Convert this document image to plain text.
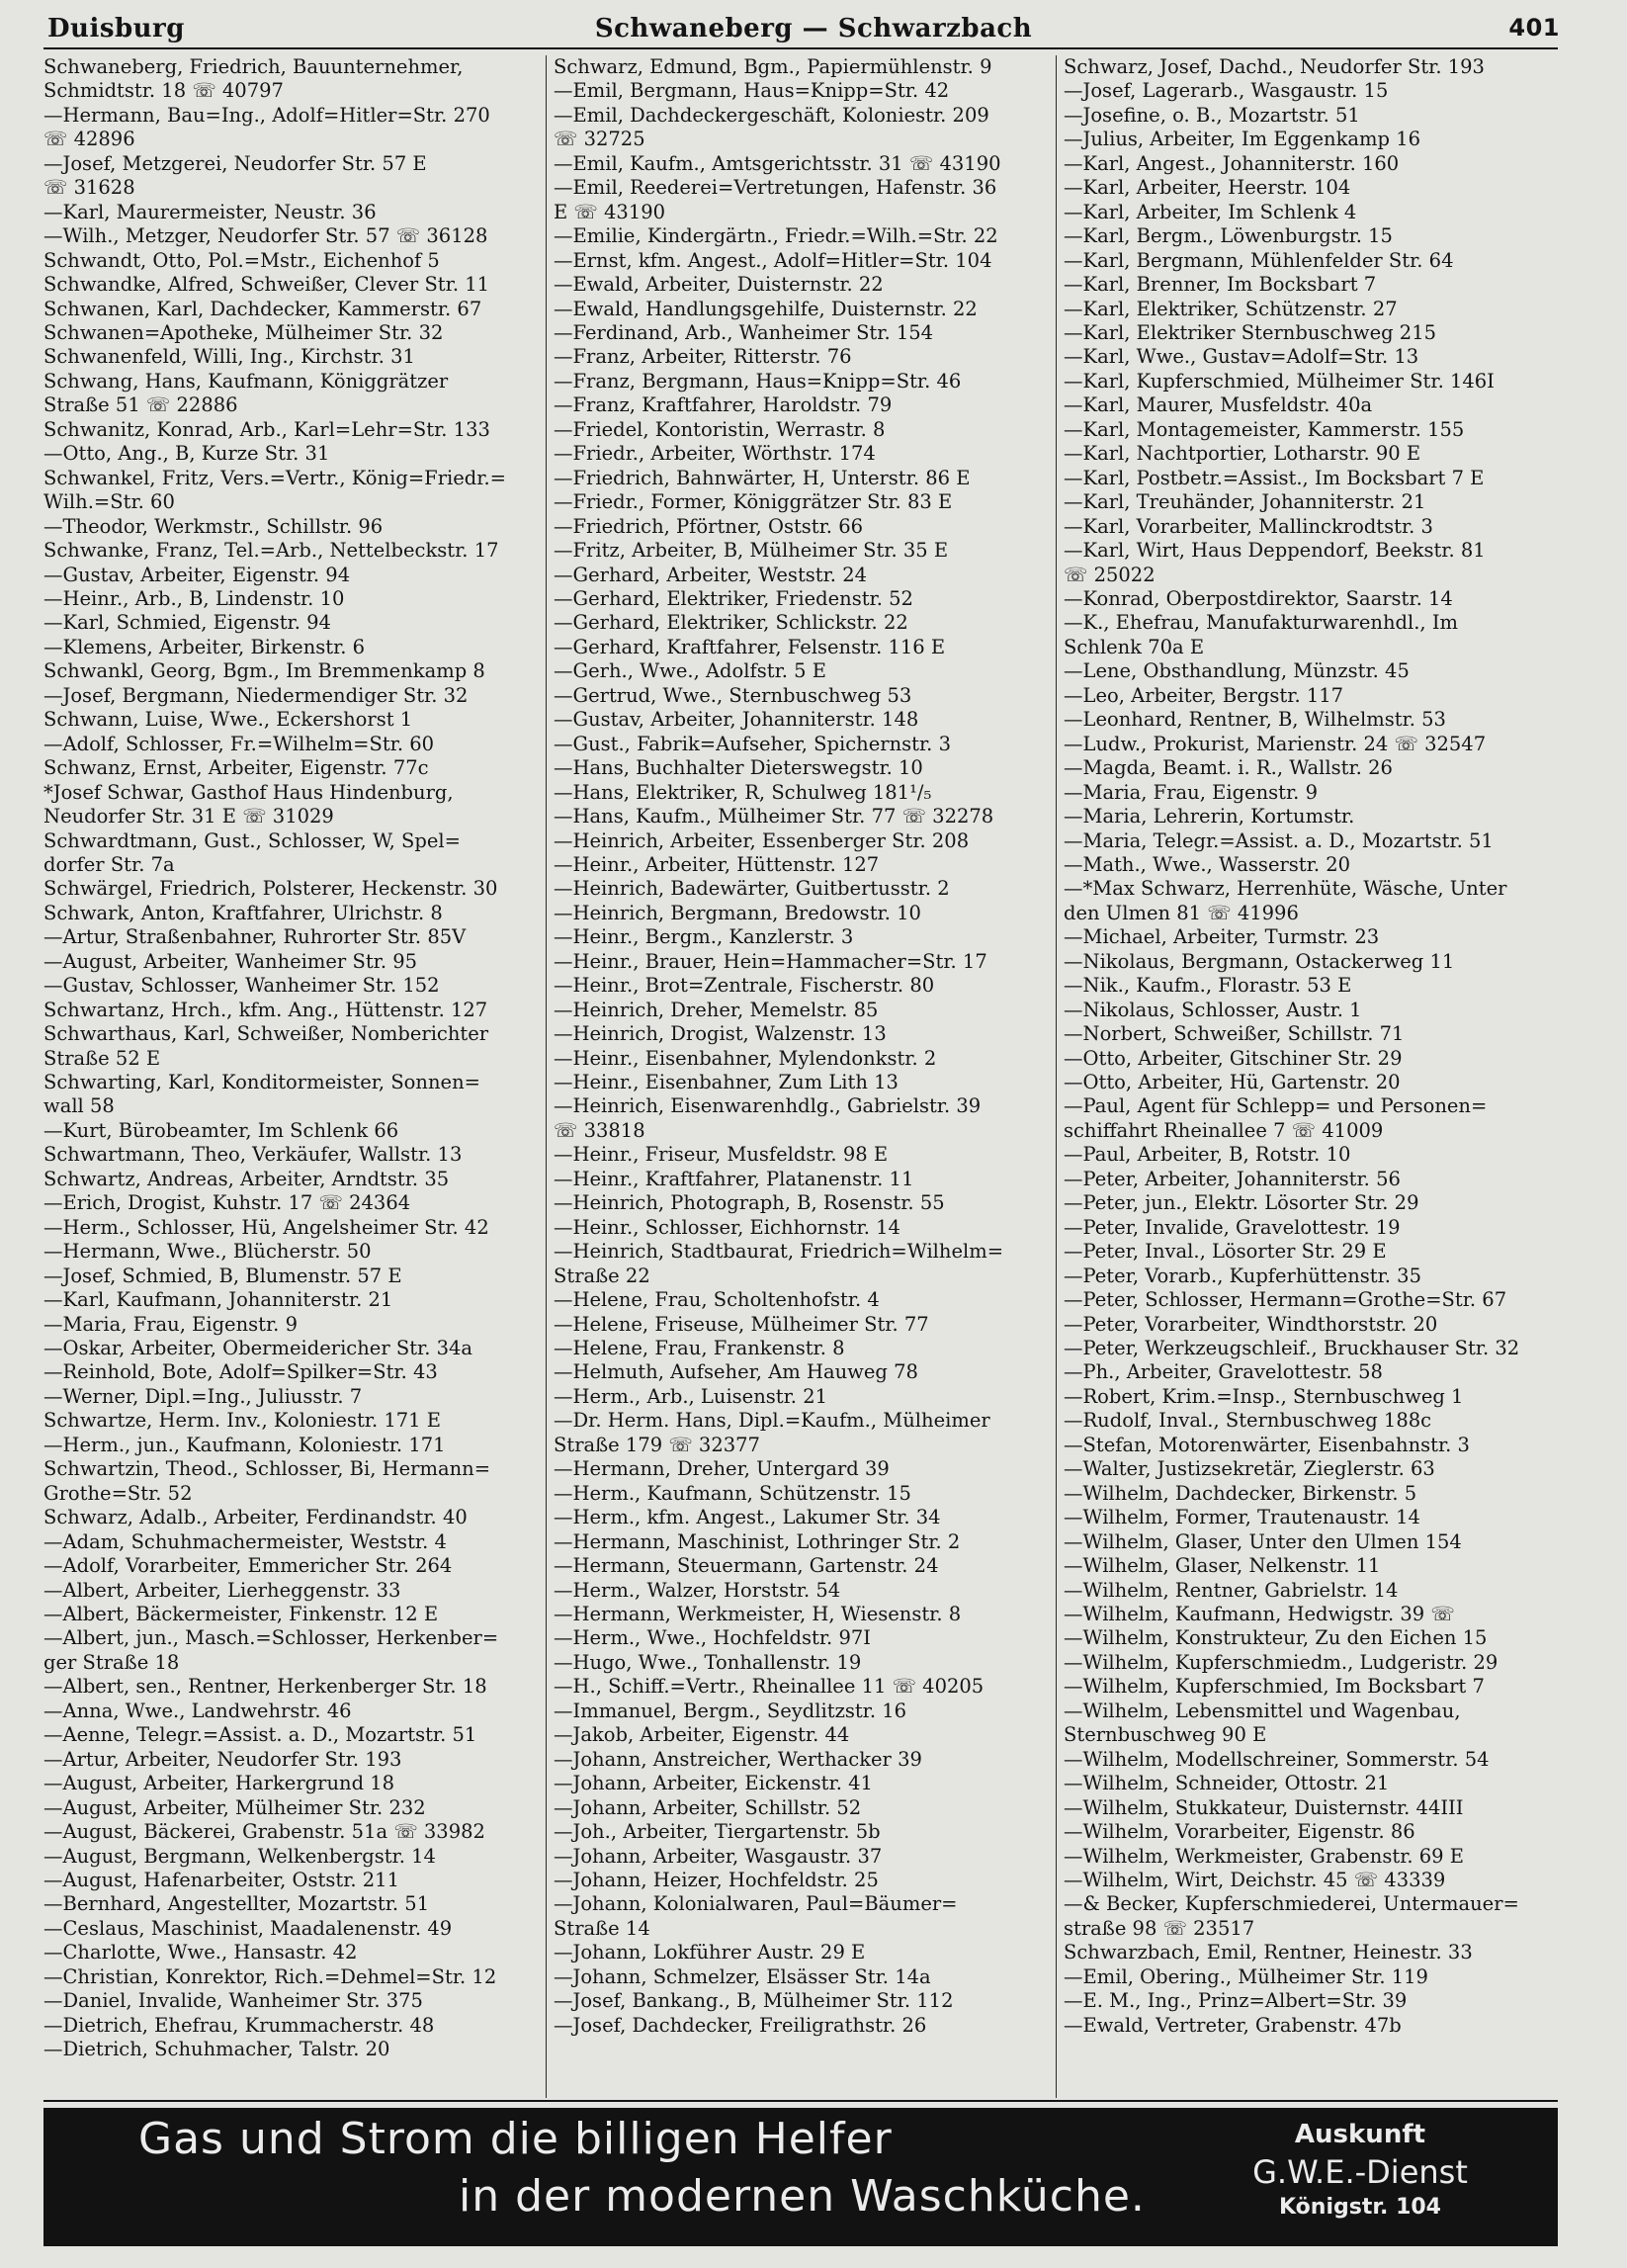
Duisburg	Schwaneberg — Schwarzbach	401
Schwaneberg, Friedrich, Bauunternehmer,
Schmidtstr. 18 ☏ 40797
—Hermann, Bau=Ing., Adolf=Hitler=Str. 270
☏ 42896
—Josef, Metzgerei, Neudorfer Str. 57 E
☏ 31628
—Karl, Maurermeister, Neustr. 36
—Wilh., Metzger, Neudorfer Str. 57 ☏ 36128
Schwandt, Otto, Pol.=Mstr., Eichenhof 5
Schwandke, Alfred, Schweißer, Clever Str. 11
Schwanen, Karl, Dachdecker, Kammerstr. 67
Schwanen=Apotheke, Mülheimer Str. 32
Schwanenfeld, Willi, Ing., Kirchstr. 31
Schwang, Hans, Kaufmann, Königgrätzer
Straße 51 ☏ 22886
Schwanitz, Konrad, Arb., Karl=Lehr=Str. 133
—Otto, Ang., B, Kurze Str. 31
Schwankel, Fritz, Vers.=Vertr., König=Friedr.=
Wilh.=Str. 60
—Theodor, Werkmstr., Schillstr. 96
Schwanke, Franz, Tel.=Arb., Nettelbeckstr. 17
—Gustav, Arbeiter, Eigenstr. 94
—Heinr., Arb., B, Lindenstr. 10
—Karl, Schmied, Eigenstr. 94
—Klemens, Arbeiter, Birkenstr. 6
Schwankl, Georg, Bgm., Im Bremmenkamp 8
—Josef, Bergmann, Niedermendiger Str. 32
Schwann, Luise, Wwe., Eckershorst 1
—Adolf, Schlosser, Fr.=Wilhelm=Str. 60
Schwanz, Ernst, Arbeiter, Eigenstr. 77c
*Josef Schwar, Gasthof Haus Hindenburg,
Neudorfer Str. 31 E ☏ 31029
Schwardtmann, Gust., Schlosser, W, Spel=
dorfer Str. 7a
Schwärgel, Friedrich, Polsterer, Heckenstr. 30
Schwark, Anton, Kraftfahrer, Ulrichstr. 8
—Artur, Straßenbahner, Ruhrorter Str. 85V
—August, Arbeiter, Wanheimer Str. 95
—Gustav, Schlosser, Wanheimer Str. 152
Schwartanz, Hrch., kfm. Ang., Hüttenstr. 127
Schwarthaus, Karl, Schweißer, Nomberichter
Straße 52 E
Schwarting, Karl, Konditormeister, Sonnen=
wall 58
—Kurt, Bürobeamter, Im Schlenk 66
Schwartmann, Theo, Verkäufer, Wallstr. 13
Schwartz, Andreas, Arbeiter, Arndtstr. 35
—Erich, Drogist, Kuhstr. 17 ☏ 24364
—Herm., Schlosser, Hü, Angelsheimer Str. 42
—Hermann, Wwe., Blücherstr. 50
—Josef, Schmied, B, Blumenstr. 57 E
—Karl, Kaufmann, Johanniterstr. 21
—Maria, Frau, Eigenstr. 9
—Oskar, Arbeiter, Obermeidericher Str. 34a
—Reinhold, Bote, Adolf=Spilker=Str. 43
—Werner, Dipl.=Ing., Juliusstr. 7
Schwartze, Herm. Inv., Koloniestr. 171 E
—Herm., jun., Kaufmann, Koloniestr. 171
Schwartzin, Theod., Schlosser, Bi, Hermann=
Grothe=Str. 52
Schwarz, Adalb., Arbeiter, Ferdinandstr. 40
—Adam, Schuhmachermeister, Weststr. 4
—Adolf, Vorarbeiter, Emmericher Str. 264
—Albert, Arbeiter, Lierheggenstr. 33
—Albert, Bäckermeister, Finkenstr. 12 E
—Albert, jun., Masch.=Schlosser, Herkenber=
ger Straße 18
—Albert, sen., Rentner, Herkenberger Str. 18
—Anna, Wwe., Landwehrstr. 46
—Aenne, Telegr.=Assist. a. D., Mozartstr. 51
—Artur, Arbeiter, Neudorfer Str. 193
—August, Arbeiter, Harkergrund 18
—August, Arbeiter, Mülheimer Str. 232
—August, Bäckerei, Grabenstr. 51a ☏ 33982
—August, Bergmann, Welkenbergstr. 14
—August, Hafenarbeiter, Oststr. 211
—Bernhard, Angestellter, Mozartstr. 51
—Ceslaus, Maschinist, Maadalenenstr. 49
—Charlotte, Wwe., Hansastr. 42
—Christian, Konrektor, Rich.=Dehmel=Str. 12
—Daniel, Invalide, Wanheimer Str. 375
—Dietrich, Ehefrau, Krummacherstr. 48
—Dietrich, Schuhmacher, Talstr. 20
Schwarz, Edmund, Bgm., Papiermühlenstr. 9
—Emil, Bergmann, Haus=Knipp=Str. 42
—Emil, Dachdeckergeschäft, Koloniestr. 209
☏ 32725
—Emil, Kaufm., Amtsgerichtsstr. 31 ☏ 43190
—Emil, Reederei=Vertretungen, Hafenstr. 36
E ☏ 43190
—Emilie, Kindergärtn., Friedr.=Wilh.=Str. 22
—Ernst, kfm. Angest., Adolf=Hitler=Str. 104
—Ewald, Arbeiter, Duisternstr. 22
—Ewald, Handlungsgehilfe, Duisternstr. 22
—Ferdinand, Arb., Wanheimer Str. 154
—Franz, Arbeiter, Ritterstr. 76
—Franz, Bergmann, Haus=Knipp=Str. 46
—Franz, Kraftfahrer, Haroldstr. 79
—Friedel, Kontoristin, Werrastr. 8
—Friedr., Arbeiter, Wörthstr. 174
—Friedrich, Bahnwärter, H, Unterstr. 86 E
—Friedr., Former, Königgrätzer Str. 83 E
—Friedrich, Pförtner, Oststr. 66
—Fritz, Arbeiter, B, Mülheimer Str. 35 E
—Gerhard, Arbeiter, Weststr. 24
—Gerhard, Elektriker, Friedenstr. 52
—Gerhard, Elektriker, Schlickstr. 22
—Gerhard, Kraftfahrer, Felsenstr. 116 E
—Gerh., Wwe., Adolfstr. 5 E
—Gertrud, Wwe., Sternbuschweg 53
—Gustav, Arbeiter, Johanniterstr. 148
—Gust., Fabrik=Aufseher, Spichernstr. 3
—Hans, Buchhalter Dieterswegstr. 10
—Hans, Elektriker, R, Schulweg 181¹/₅
—Hans, Kaufm., Mülheimer Str. 77 ☏ 32278
—Heinrich, Arbeiter, Essenberger Str. 208
—Heinr., Arbeiter, Hüttenstr. 127
—Heinrich, Badewärter, Guitbertusstr. 2
—Heinrich, Bergmann, Bredowstr. 10
—Heinr., Bergm., Kanzlerstr. 3
—Heinr., Brauer, Hein=Hammacher=Str. 17
—Heinr., Brot=Zentrale, Fischerstr. 80
—Heinrich, Dreher, Memelstr. 85
—Heinrich, Drogist, Walzenstr. 13
—Heinr., Eisenbahner, Mylendonkstr. 2
—Heinr., Eisenbahner, Zum Lith 13
—Heinrich, Eisenwarenhdlg., Gabrielstr. 39
☏ 33818
—Heinr., Friseur, Musfeldstr. 98 E
—Heinr., Kraftfahrer, Platanenstr. 11
—Heinrich, Photograph, B, Rosenstr. 55
—Heinr., Schlosser, Eichhornstr. 14
—Heinrich, Stadtbaurat, Friedrich=Wilhelm=
Straße 22
—Helene, Frau, Scholtenhofstr. 4
—Helene, Friseuse, Mülheimer Str. 77
—Helene, Frau, Frankenstr. 8
—Helmuth, Aufseher, Am Hauweg 78
—Herm., Arb., Luisenstr. 21
—Dr. Herm. Hans, Dipl.=Kaufm., Mülheimer
Straße 179 ☏ 32377
—Hermann, Dreher, Untergard 39
—Herm., Kaufmann, Schützenstr. 15
—Herm., kfm. Angest., Lakumer Str. 34
—Hermann, Maschinist, Lothringer Str. 2
—Hermann, Steuermann, Gartenstr. 24
—Herm., Walzer, Horststr. 54
—Hermann, Werkmeister, H, Wiesenstr. 8
—Herm., Wwe., Hochfeldstr. 97I
—Hugo, Wwe., Tonhallenstr. 19
—H., Schiff.=Vertr., Rheinallee 11 ☏ 40205
—Immanuel, Bergm., Seydlitzstr. 16
—Jakob, Arbeiter, Eigenstr. 44
—Johann, Anstreicher, Werthacker 39
—Johann, Arbeiter, Eickenstr. 41
—Johann, Arbeiter, Schillstr. 52
—Joh., Arbeiter, Tiergartenstr. 5b
—Johann, Arbeiter, Wasgaustr. 37
—Johann, Heizer, Hochfeldstr. 25
—Johann, Kolonialwaren, Paul=Bäumer=
Straße 14
—Johann, Lokführer Austr. 29 E
—Johann, Schmelzer, Elsässer Str. 14a
—Josef, Bankang., B, Mülheimer Str. 112
—Josef, Dachdecker, Freiligrathstr. 26
Schwarz, Josef, Dachd., Neudorfer Str. 193
—Josef, Lagerarb., Wasgaustr. 15
—Josefine, o. B., Mozartstr. 51
—Julius, Arbeiter, Im Eggenkamp 16
—Karl, Angest., Johanniterstr. 160
—Karl, Arbeiter, Heerstr. 104
—Karl, Arbeiter, Im Schlenk 4
—Karl, Bergm., Löwenburgstr. 15
—Karl, Bergmann, Mühlenfelder Str. 64
—Karl, Brenner, Im Bocksbart 7
—Karl, Elektriker, Schützenstr. 27
—Karl, Elektriker Sternbuschweg 215
—Karl, Wwe., Gustav=Adolf=Str. 13
—Karl, Kupferschmied, Mülheimer Str. 146I
—Karl, Maurer, Musfeldstr. 40a
—Karl, Montagemeister, Kammerstr. 155
—Karl, Nachtportier, Lotharstr. 90 E
—Karl, Postbetr.=Assist., Im Bocksbart 7 E
—Karl, Treuhänder, Johanniterstr. 21
—Karl, Vorarbeiter, Mallinckrodtstr. 3
—Karl, Wirt, Haus Deppendorf, Beekstr. 81
☏ 25022
—Konrad, Oberpostdirektor, Saarstr. 14
—K., Ehefrau, Manufakturwarenhdl., Im
Schlenk 70a E
—Lene, Obsthandlung, Münzstr. 45
—Leo, Arbeiter, Bergstr. 117
—Leonhard, Rentner, B, Wilhelmstr. 53
—Ludw., Prokurist, Marienstr. 24 ☏ 32547
—Magda, Beamt. i. R., Wallstr. 26
—Maria, Frau, Eigenstr. 9
—Maria, Lehrerin, Kortumstr.
—Maria, Telegr.=Assist. a. D., Mozartstr. 51
—Math., Wwe., Wasserstr. 20
—*Max Schwarz, Herrenhüte, Wäsche, Unter
den Ulmen 81 ☏ 41996
—Michael, Arbeiter, Turmstr. 23
—Nikolaus, Bergmann, Ostackerweg 11
—Nik., Kaufm., Florastr. 53 E
—Nikolaus, Schlosser, Austr. 1
—Norbert, Schweißer, Schillstr. 71
—Otto, Arbeiter, Gitschiner Str. 29
—Otto, Arbeiter, Hü, Gartenstr. 20
—Paul, Agent für Schlepp= und Personen=
schiffahrt Rheinallee 7 ☏ 41009
—Paul, Arbeiter, B, Rotstr. 10
—Peter, Arbeiter, Johanniterstr. 56
—Peter, jun., Elektr. Lösorter Str. 29
—Peter, Invalide, Gravelottestr. 19
—Peter, Inval., Lösorter Str. 29 E
—Peter, Vorarb., Kupferhüttenstr. 35
—Peter, Schlosser, Hermann=Grothe=Str. 67
—Peter, Vorarbeiter, Windthorststr. 20
—Peter, Werkzeugschleif., Bruckhauser Str. 32
—Ph., Arbeiter, Gravelottestr. 58
—Robert, Krim.=Insp., Sternbuschweg 1
—Rudolf, Inval., Sternbuschweg 188c
—Stefan, Motorenwärter, Eisenbahnstr. 3
—Walter, Justizsekretär, Zieglerstr. 63
—Wilhelm, Dachdecker, Birkenstr. 5
—Wilhelm, Former, Trautenaustr. 14
—Wilhelm, Glaser, Unter den Ulmen 154
—Wilhelm, Glaser, Nelkenstr. 11
—Wilhelm, Rentner, Gabrielstr. 14
—Wilhelm, Kaufmann, Hedwigstr. 39 ☏
—Wilhelm, Konstrukteur, Zu den Eichen 15
—Wilhelm, Kupferschmiedm., Ludgeristr. 29
—Wilhelm, Kupferschmied, Im Bocksbart 7
—Wilhelm, Lebensmittel und Wagenbau,
Sternbuschweg 90 E
—Wilhelm, Modellschreiner, Sommerstr. 54
—Wilhelm, Schneider, Ottostr. 21
—Wilhelm, Stukkateur, Duisternstr. 44III
—Wilhelm, Vorarbeiter, Eigenstr. 86
—Wilhelm, Werkmeister, Grabenstr. 69 E
—Wilhelm, Wirt, Deichstr. 45 ☏ 43339
—& Becker, Kupferschmiederei, Untermauer=
straße 98 ☏ 23517
Schwarzbach, Emil, Rentner, Heinestr. 33
—Emil, Obering., Mülheimer Str. 119
—E. M., Ing., Prinz=Albert=Str. 39
—Ewald, Vertreter, Grabenstr. 47b
Gas und Strom die billigen Helfer
in der modernen Waschküche.
Auskunft
G.W.E.-Dienst
Königstr. 104
